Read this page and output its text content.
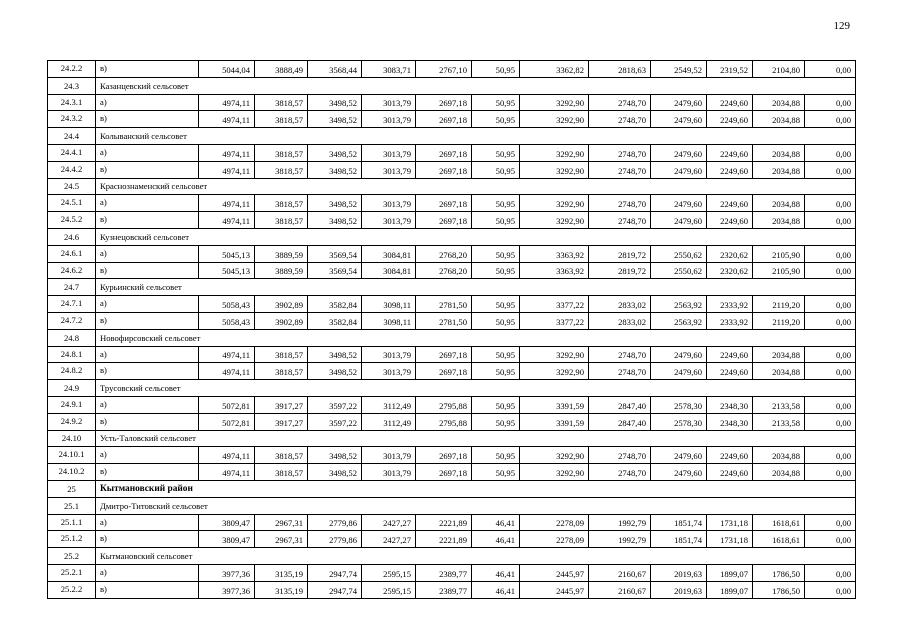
129
24.2.2	в)	5044,04	3888,49	3568,44	3083,71	2767,10	50,95	3362,82	2818,63	2549,52	2319,52	2104,80	0,00
24.3	Казанцевский сельсовет												
24.3.1	а)	4974,11	3818,57	3498,52	3013,79	2697,18	50,95	3292,90	2748,70	2479,60	2249,60	2034,88	0,00
24.3.2	в)	4974,11	3818,57	3498,52	3013,79	2697,18	50,95	3292,90	2748,70	2479,60	2249,60	2034,88	0,00
24.4	Колыванский сельсовет												
24.4.1	а)	4974,11	3818,57	3498,52	3013,79	2697,18	50,95	3292,90	2748,70	2479,60	2249,60	2034,88	0,00
24.4.2	в)	4974,11	3818,57	3498,52	3013,79	2697,18	50,95	3292,90	2748,70	2479,60	2249,60	2034,88	0,00
24.5	Краснознаменский сельсовет												
24.5.1	а)	4974,11	3818,57	3498,52	3013,79	2697,18	50,95	3292,90	2748,70	2479,60	2249,60	2034,88	0,00
24.5.2	в)	4974,11	3818,57	3498,52	3013,79	2697,18	50,95	3292,90	2748,70	2479,60	2249,60	2034,88	0,00
24.6	Кузнецовский сельсовет												
24.6.1	а)	5045,13	3889,59	3569,54	3084,81	2768,20	50,95	3363,92	2819,72	2550,62	2320,62	2105,90	0,00
24.6.2	в)	5045,13	3889,59	3569,54	3084,81	2768,20	50,95	3363,92	2819,72	2550,62	2320,62	2105,90	0,00
24.7	Курьинский сельсовет												
24.7.1	а)	5058,43	3902,89	3582,84	3098,11	2781,50	50,95	3377,22	2833,02	2563,92	2333,92	2119,20	0,00
24.7.2	в)	5058,43	3902,89	3582,84	3098,11	2781,50	50,95	3377,22	2833,02	2563,92	2333,92	2119,20	0,00
24.8	Новофирсовский сельсовет												
24.8.1	а)	4974,11	3818,57	3498,52	3013,79	2697,18	50,95	3292,90	2748,70	2479,60	2249,60	2034,88	0,00
24.8.2	в)	4974,11	3818,57	3498,52	3013,79	2697,18	50,95	3292,90	2748,70	2479,60	2249,60	2034,88	0,00
24.9	Трусовский сельсовет												
24.9.1	а)	5072,81	3917,27	3597,22	3112,49	2795,88	50,95	3391,59	2847,40	2578,30	2348,30	2133,58	0,00
24.9.2	в)	5072,81	3917,27	3597,22	3112,49	2795,88	50,95	3391,59	2847,40	2578,30	2348,30	2133,58	0,00
24.10	Усть-Таловский сельсовет												
24.10.1	а)	4974,11	3818,57	3498,52	3013,79	2697,18	50,95	3292,90	2748,70	2479,60	2249,60	2034,88	0,00
24.10.2	в)	4974,11	3818,57	3498,52	3013,79	2697,18	50,95	3292,90	2748,70	2479,60	2249,60	2034,88	0,00
25	Кытмановский район												
25.1	Дмитро-Титовский сельсовет												
25.1.1	а)	3809,47	2967,31	2779,86	2427,27	2221,89	46,41	2278,09	1992,79	1851,74	1731,18	1618,61	0,00
25.1.2	в)	3809,47	2967,31	2779,86	2427,27	2221,89	46,41	2278,09	1992,79	1851,74	1731,18	1618,61	0,00
25.2	Кытмановский сельсовет												
25.2.1	а)	3977,36	3135,19	2947,74	2595,15	2389,77	46,41	2445,97	2160,67	2019,63	1899,07	1786,50	0,00
25.2.2	в)	3977,36	3135,19	2947,74	2595,15	2389,77	46,41	2445,97	2160,67	2019,63	1899,07	1786,50	0,00
